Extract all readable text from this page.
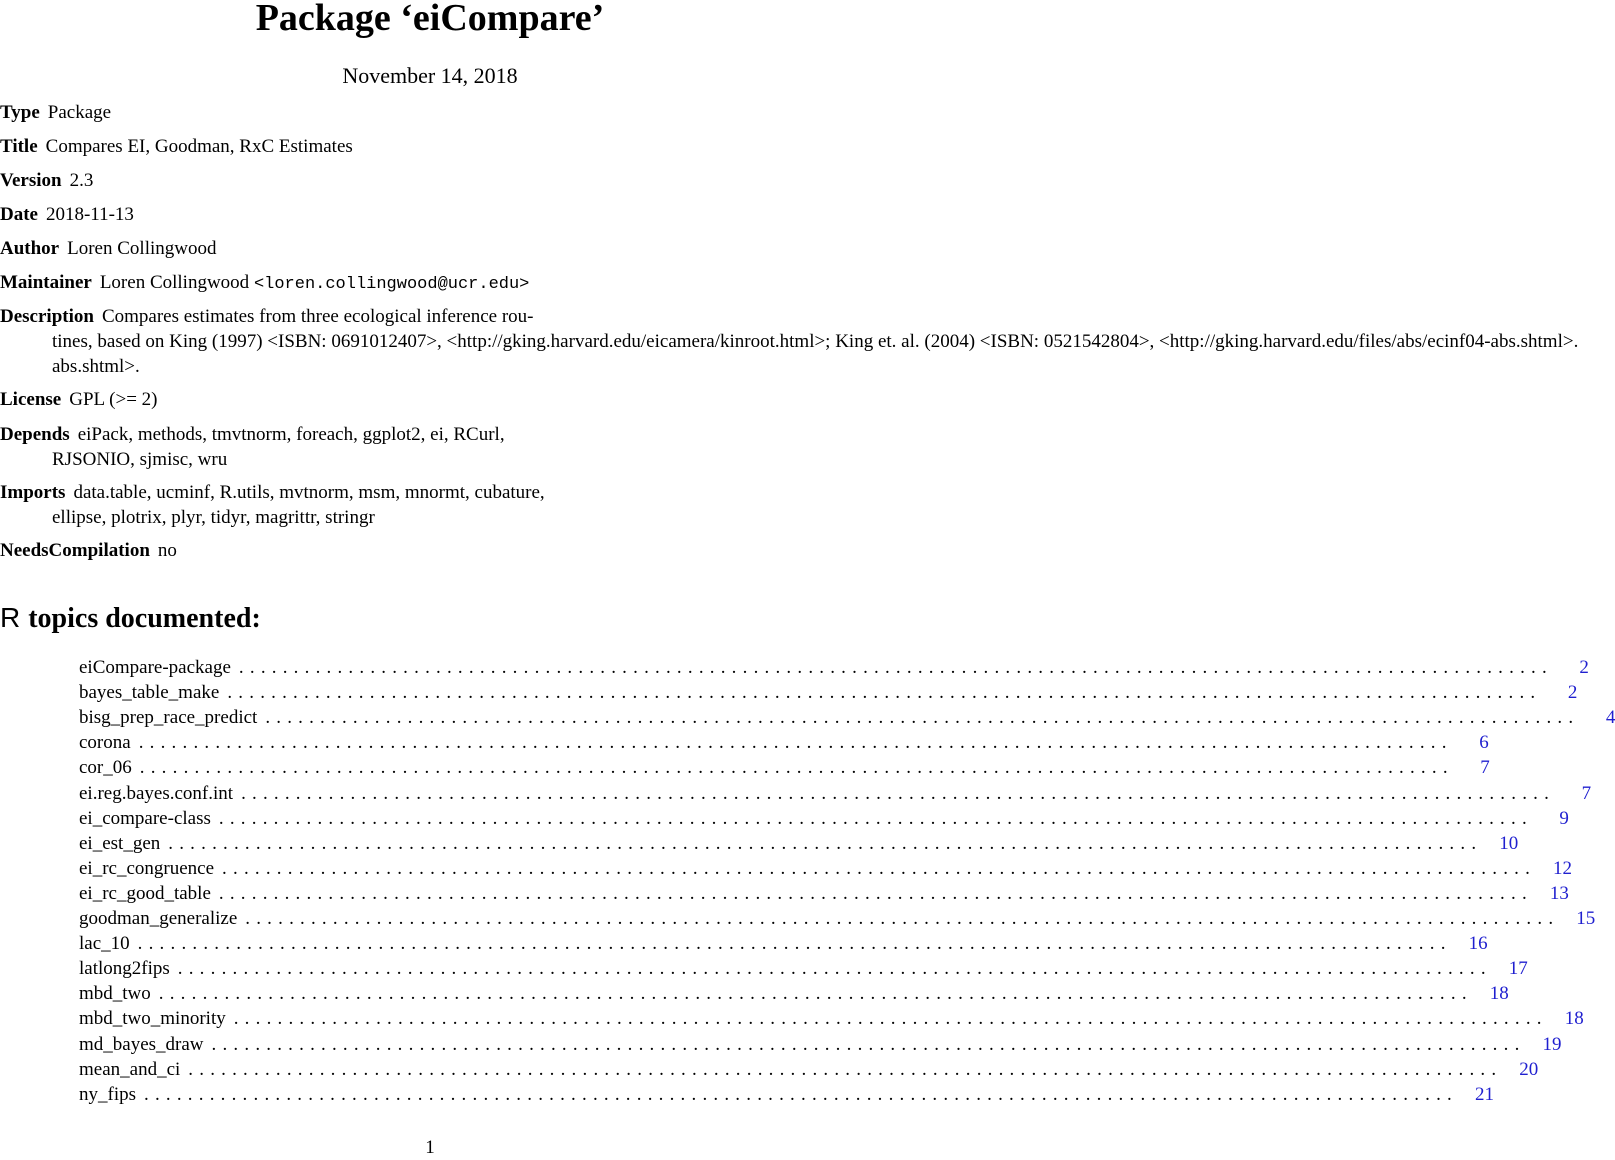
Package ‘eiCompare’
November 14, 2018
Type Package
Title Compares EI, Goodman, RxC Estimates
Version 2.3
Date 2018-11-13
Author Loren Collingwood
Maintainer Loren Collingwood <loren.collingwood@ucr.edu>
Description Compares estimates from three ecological inference rou-
tines, based on King (1997) <ISBN: 0691012407>, <http://gking.harvard.edu/eicamera/kinroot.html>; King et. al. (2004) <ISBN: 0521542804>, <http://gking.harvard.edu/files/abs/ecinf04-abs.shtml>.
abs.shtml>.
License GPL (>= 2)
Depends eiPack, methods, tmvtnorm, foreach, ggplot2, ei, RCurl,
RJSONIO, sjmisc, wru
Imports data.table, ucminf, R.utils, mvtnorm, msm, mnormt, cubature,
ellipse, plotrix, plyr, tidyr, magrittr, stringr
NeedsCompilation no
R topics documented:
eiCompare-package ........................................................................................................................	2
bayes_table_make ........................................................................................................................	2
bisg_prep_race_predict ........................................................................................................................	4
corona ........................................................................................................................	6
cor_06 ........................................................................................................................	7
ei.reg.bayes.conf.int ........................................................................................................................	7
ei_compare-class ........................................................................................................................	9
ei_est_gen ........................................................................................................................ 10
ei_rc_congruence ........................................................................................................................ 12
ei_rc_good_table ........................................................................................................................ 13
goodman_generalize ........................................................................................................................ 15
lac_10 ........................................................................................................................ 16
latlong2fips ........................................................................................................................ 17
mbd_two ........................................................................................................................ 18
mbd_two_minority ........................................................................................................................ 18
md_bayes_draw ........................................................................................................................ 19
mean_and_ci ........................................................................................................................ 20
ny_fips ........................................................................................................................ 21
1
